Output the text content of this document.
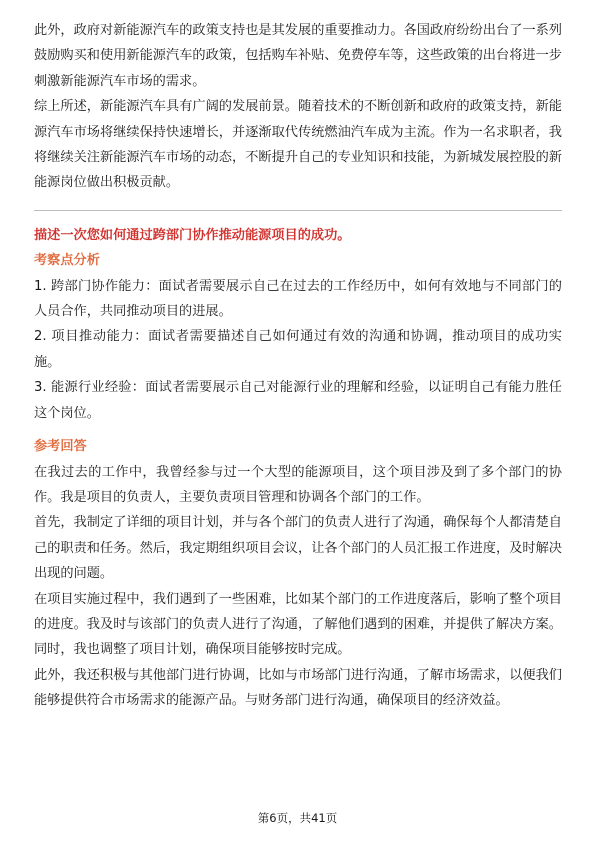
此外，政府对新能源汽车的政策支持也是其发展的重要推动力。各国政府纷纷出台了一系列鼓励购买和使用新能源汽车的政策，包括购车补贴、免费停车等，这些政策的出台将进一步刺激新能源汽车市场的需求。

综上所述，新能源汽车具有广阔的发展前景。随着技术的不断创新和政府的政策支持，新能源汽车市场将继续保持快速增长，并逐渐取代传统燃油汽车成为主流。作为一名求职者，我将继续关注新能源汽车市场的动态，不断提升自己的专业知识和技能，为新城发展控股的新能源岗位做出积极贡献。

描述一次您如何通过跨部门协作推动能源项目的成功。

考察点分析

1. 跨部门协作能力：面试者需要展示自己在过去的工作经历中，如何有效地与不同部门的人员合作，共同推动项目的进展。

2. 项目推动能力：面试者需要描述自己如何通过有效的沟通和协调，推动项目的成功实施。

3. 能源行业经验：面试者需要展示自己对能源行业的理解和经验，以证明自己有能力胜任这个岗位。

参考回答

在我过去的工作中，我曾经参与过一个大型的能源项目，这个项目涉及到了多个部门的协作。我是项目的负责人，主要负责项目管理和协调各个部门的工作。

首先，我制定了详细的项目计划，并与各个部门的负责人进行了沟通，确保每个人都清楚自己的职责和任务。然后，我定期组织项目会议，让各个部门的人员汇报工作进度，及时解决出现的问题。

在项目实施过程中，我们遇到了一些困难，比如某个部门的工作进度落后，影响了整个项目的进度。我及时与该部门的负责人进行了沟通，了解他们遇到的困难，并提供了解决方案。同时，我也调整了项目计划，确保项目能够按时完成。

此外，我还积极与其他部门进行协调，比如与市场部门进行沟通，了解市场需求，以便我们能够提供符合市场需求的能源产品。与财务部门进行沟通，确保项目的经济效益。

第6页，共41页
